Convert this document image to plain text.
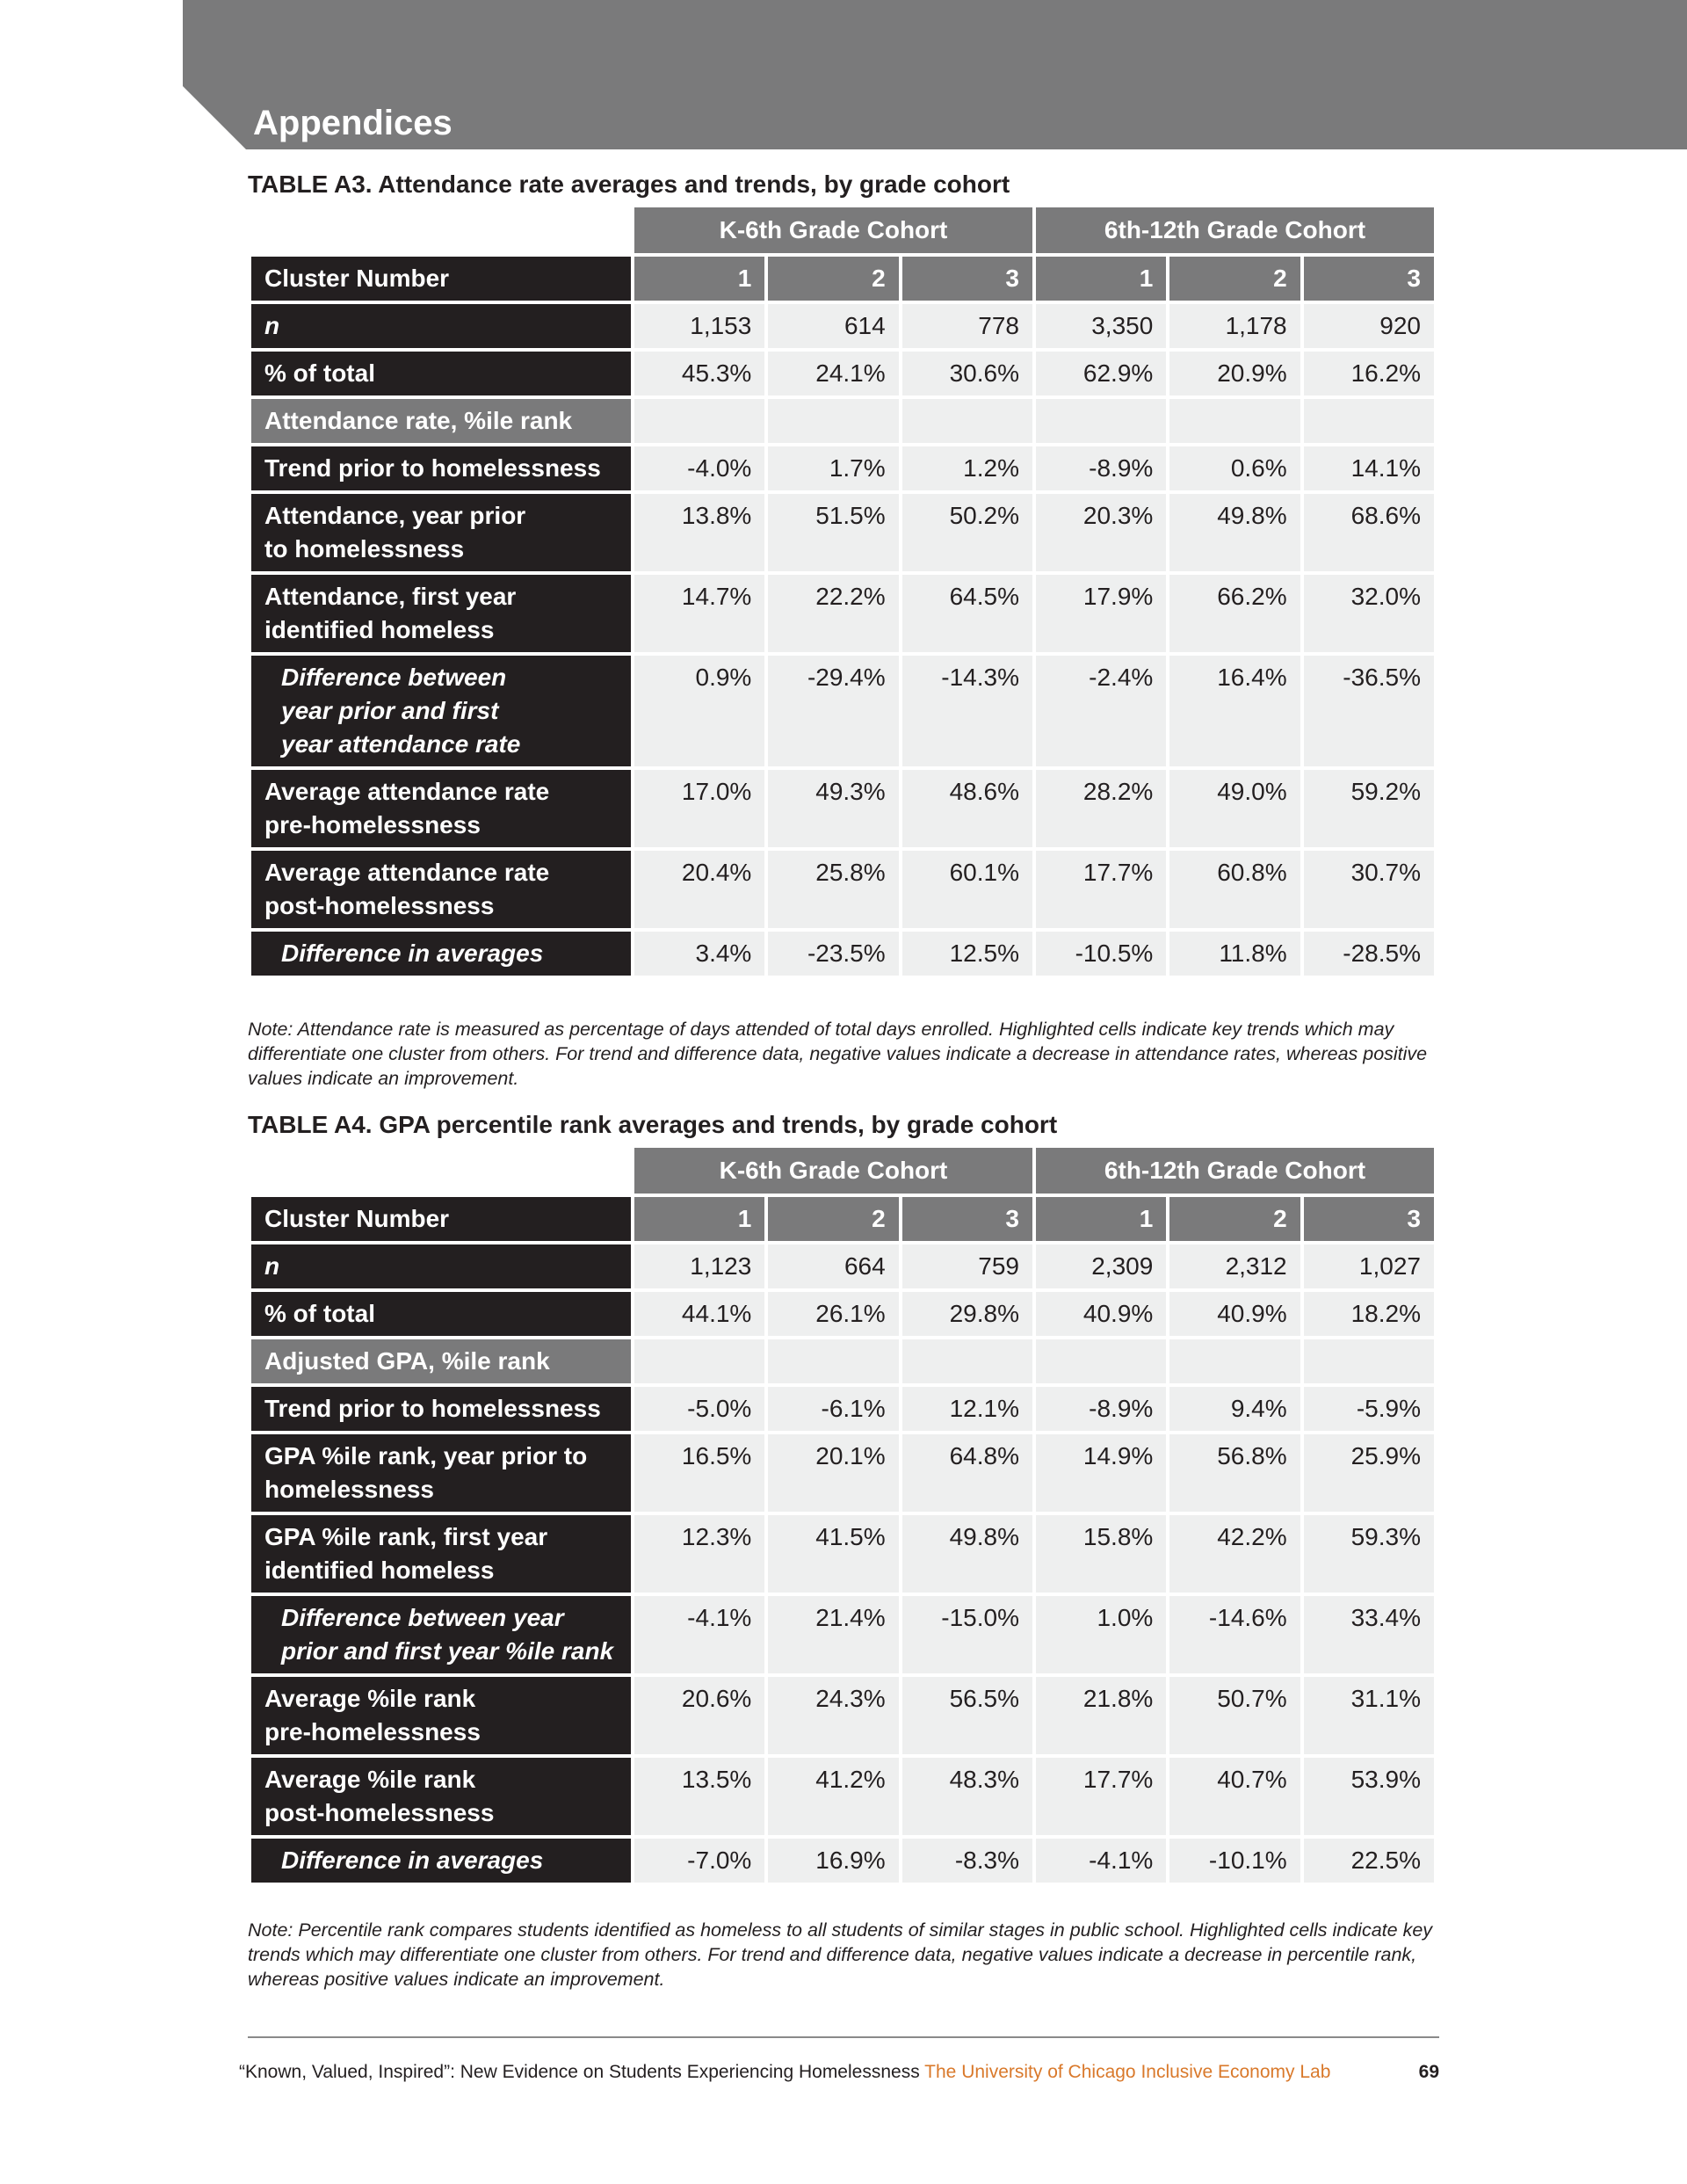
Appendices
TABLE A3. Attendance rate averages and trends, by grade cohort
	K-6th Grade Cohort			6th-12th Grade Cohort		
Cluster Number	1	2	3	1	2	3
n	1,153	614	778	3,350	1,178	920
% of total	45.3%	24.1%	30.6%	62.9%	20.9%	16.2%
Attendance rate, %ile rank						
Trend prior to homelessness	-4.0%	1.7%	1.2%	-8.9%	0.6%	14.1%
Attendance, year prior
to homelessness	13.8%	51.5%	50.2%	20.3%	49.8%	68.6%
Attendance, first year
identified homeless	14.7%	22.2%	64.5%	17.9%	66.2%	32.0%
Difference between
year prior and first
year attendance rate	0.9%	-29.4%	-14.3%	-2.4%	16.4%	-36.5%
Average attendance rate
pre-homelessness	17.0%	49.3%	48.6%	28.2%	49.0%	59.2%
Average attendance rate
post-homelessness	20.4%	25.8%	60.1%	17.7%	60.8%	30.7%
Difference in averages	3.4%	-23.5%	12.5%	-10.5%	11.8%	-28.5%

Note: Attendance rate is measured as percentage of days attended of total days enrolled. Highlighted cells indicate key trends which may differentiate one cluster from others. For trend and difference data, negative values indicate a decrease in attendance rates, whereas positive values indicate an improvement.

TABLE A4. GPA percentile rank averages and trends, by grade cohort
	K-6th Grade Cohort			6th-12th Grade Cohort		
Cluster Number	1	2	3	1	2	3
n	1,123	664	759	2,309	2,312	1,027
% of total	44.1%	26.1%	29.8%	40.9%	40.9%	18.2%
Adjusted GPA, %ile rank						
Trend prior to homelessness	-5.0%	-6.1%	12.1%	-8.9%	9.4%	-5.9%
GPA %ile rank, year prior to
homelessness	16.5%	20.1%	64.8%	14.9%	56.8%	25.9%
GPA %ile rank, first year
identified homeless	12.3%	41.5%	49.8%	15.8%	42.2%	59.3%
Difference between year
prior and first year %ile rank	-4.1%	21.4%	-15.0%	1.0%	-14.6%	33.4%
Average %ile rank
pre-homelessness	20.6%	24.3%	56.5%	21.8%	50.7%	31.1%
Average %ile rank
post-homelessness	13.5%	41.2%	48.3%	17.7%	40.7%	53.9%
Difference in averages	-7.0%	16.9%	-8.3%	-4.1%	-10.1%	22.5%

Note: Percentile rank compares students identified as homeless to all students of similar stages in public school. Highlighted cells indicate key trends which may differentiate one cluster from others. For trend and difference data, negative values indicate a decrease in percentile rank, whereas positive values indicate an improvement.

“Known, Valued, Inspired”: New Evidence on Students Experiencing Homelessness The University of Chicago Inclusive Economy Lab	69
